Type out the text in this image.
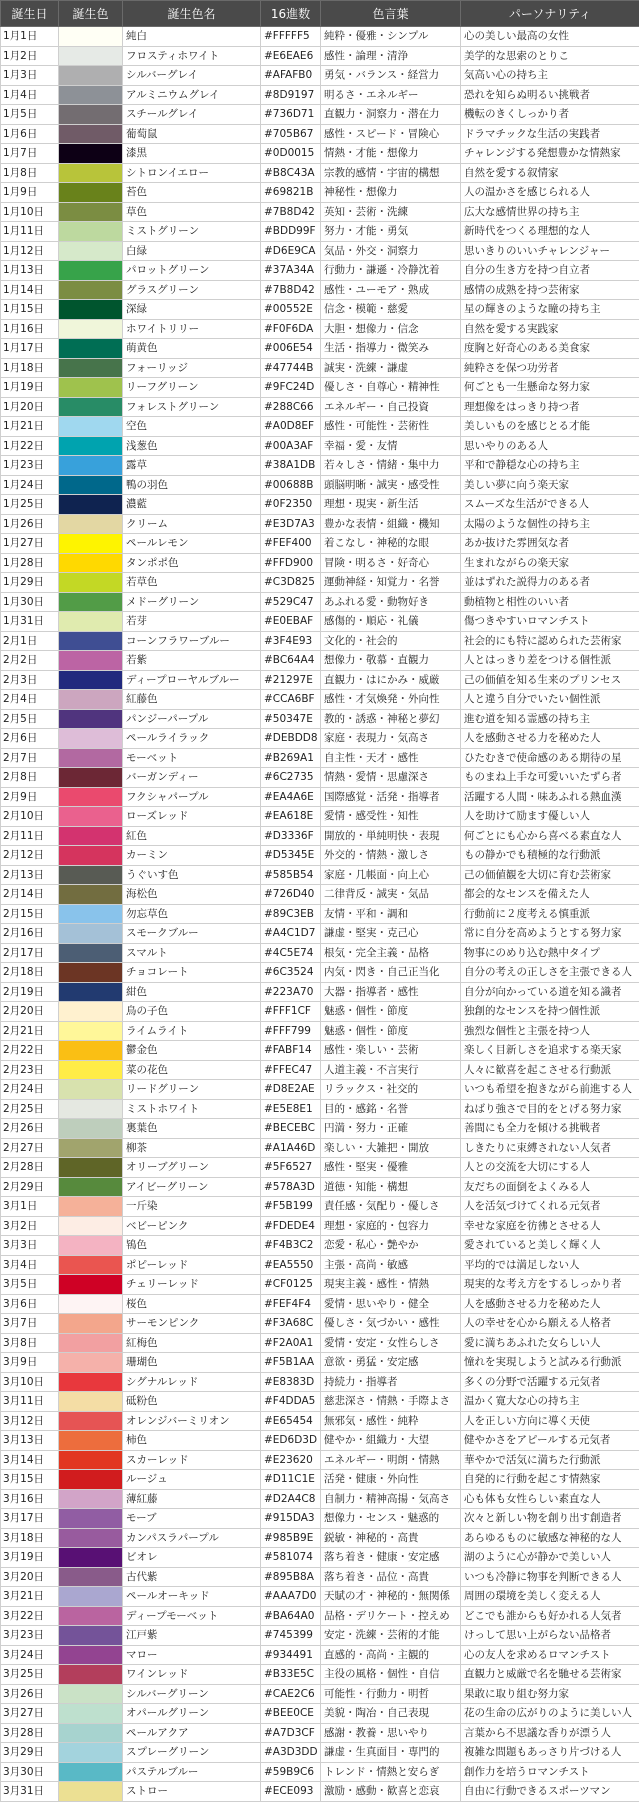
誕生日	誕生色	誕生色名	16進数	色言葉	パーソナリティ
1月1日		純白	#FFFFF5	純粋・優雅・シンプル	心の美しい最高の女性
1月2日		フロスティホワイト	#E6EAE6	感性・論理・清浄	美学的な思索のとりこ
1月3日		シルバーグレイ	#AFAFB0	勇気・バランス・経営力	気高い心の持ち主
1月4日		アルミニウムグレイ	#8D9197	明るさ・エネルギー	恐れを知らぬ明るい挑戦者
1月5日		スチールグレイ	#736D71	直観力・洞察力・潜在力	機転のきくしっかり者
1月6日		葡萄鼠	#705B67	感性・スピード・冒険心	ドラマチックな生活の実践者
1月7日		漆黒	#0D0015	情熱・才能・想像力	チャレンジする発想豊かな情熱家
1月8日		シトロンイエロー	#B8C43A	宗教的感情・宇宙的構想	自然を愛する叙情家
1月9日		苔色	#69821B	神秘性・想像力	人の温かさを感じられる人
1月10日		草色	#7B8D42	英知・芸術・洗練	広大な感情世界の持ち主
1月11日		ミストグリーン	#BDD99F	努力・才能・勇気	新時代をつくる理想的な人
1月12日		白緑	#D6E9CA	気品・外交・洞察力	思いきりのいいチャレンジャー
1月13日		パロットグリーン	#37A34A	行動力・謙遜・冷静沈着	自分の生き方を持つ自立者
1月14日		グラスグリーン	#7B8D42	感性・ユーモア・熟成	感情の成熟を持つ芸術家
1月15日		深緑	#00552E	信念・模範・慈愛	星の輝きのような瞳の持ち主
1月16日		ホワイトリリー	#F0F6DA	大胆・想像力・信念	自然を愛する実践家
1月17日		萌黄色	#006E54	生活・指導力・微笑み	度胸と好奇心のある美食家
1月18日		フォーリッジ	#47744B	誠実・洗練・謙虚	純粋さを保つ功労者
1月19日		リーフグリーン	#9FC24D	優しさ・自尊心・精神性	何ごとも一生懸命な努力家
1月20日		フォレストグリーン	#288C66	エネルギー・自己投資	理想像をはっきり持つ者
1月21日		空色	#A0D8EF	感性・可能性・芸術性	美しいものを感じとる才能
1月22日		浅葱色	#00A3AF	幸福・愛・友情	思いやりのある人
1月23日		露草	#38A1DB	若々しさ・情緒・集中力	平和で静穏な心の持ち主
1月24日		鴨の羽色	#00688B	頭脳明晰・誠実・感受性	美しい夢に向う楽天家
1月25日		濃藍	#0F2350	理想・現実・新生活	スムーズな生活ができる人
1月26日		クリーム	#E3D7A3	豊かな表情・組織・機知	太陽のような個性の持ち主
1月27日		ペールレモン	#FEF400	着こなし・神秘的な眼	あか抜けた雰囲気な者
1月28日		タンポポ色	#FFD900	冒険・明るさ・好奇心	生まれながらの楽天家
1月29日		若草色	#C3D825	運動神経・知覚力・名誉	並はずれた説得力のある者
1月30日		メドーグリーン	#529C47	あふれる愛・動物好き	動植物と相性のいい者
1月31日		若芽	#E0EBAF	感傷的・順応・礼儀	傷つきやすいロマンチスト
2月1日		コーンフラワーブルー	#3F4E93	文化的・社会的	社会的にも特に認められた芸術家
2月2日		若紫	#BC64A4	想像力・敬慕・直観力	人とはっきり差をつける個性派
2月3日		ディープローヤルブルー	#21297E	直観力・はにかみ・威厳	己の価値を知る生来のプリンセス
2月4日		紅藤色	#CCA6BF	感性・才気煥発・外向性	人と違う自分でいたい個性派
2月5日		パンジーパープル	#50347E	教的・誘惑・神秘と夢幻	進む道を知る霊感の持ち主
2月6日		ペールライラック	#DEBDD8	家庭・表現力・気高さ	人を感動させる力を秘めた人
2月7日		モーベット	#B269A1	自主性・天才・感性	ひたむきで使命感のある期待の星
2月8日		バーガンディー	#6C2735	情熱・愛情・思慮深さ	ものまね上手な可愛いいたずら者
2月9日		フクシャパープル	#EA4A6E	国際感覚・活発・指導者	活躍する人間・味あふれる熱血漢
2月10日		ローズレッド	#EA618E	愛情・感受性・知性	人を助けて励ます優しい人
2月11日		紅色	#D3336F	開放的・単純明快・表現	何ごとにも心から喜べる素直な人
2月12日		カーミン	#D5345E	外交的・情熱・激しさ	もの静かでも積極的な行動派
2月13日		うぐいす色	#585B54	家庭・几帳面・向上心	己の価値観を大切に育む芸術家
2月14日		海松色	#726D40	二律背反・誠実・気品	都会的なセンスを備えた人
2月15日		勿忘草色	#89C3EB	友情・平和・調和	行動前に２度考える慎重派
2月16日		スモークブルー	#A4C1D7	謙虚・堅実・克己心	常に自分を高めようとする努力家
2月17日		スマルト	#4C5E74	根気・完全主義・品格	物事にのめり込む熱中タイプ
2月18日		チョコレート	#6C3524	内気・閃き・自己正当化	自分の考えの正しさを主張できる人
2月19日		紺色	#223A70	大器・指導者・感性	自分が向かっている道を知る識者
2月20日		鳥の子色	#FFF1CF	魅惑・個性・節度	独創的なセンスを持つ個性派
2月21日		ライムライト	#FFF799	魅惑・個性・節度	強烈な個性と主張を持つ人
2月22日		鬱金色	#FABF14	感性・楽しい・芸術	楽しく目新しさを追求する楽天家
2月23日		菜の花色	#FFEC47	人道主義・不言実行	人々に歓喜を起こさせる行動派
2月24日		リードグリーン	#D8E2AE	リラックス・社交的	いつも希望を抱きながら前進する人
2月25日		ミストホワイト	#E5E8E1	目的・感銘・名誉	ねばり強さで目的をとげる努力家
2月26日		裏葉色	#BECEBC	円満・努力・正確	善間にも全力を傾ける挑戦者
2月27日		柳茶	#A1A46D	楽しい・大雑把・開放	しきたりに束縛されない人気者
2月28日		オリーブグリーン	#5F6527	感性・堅実・優雅	人との交流を大切にする人
2月29日		アイビーグリーン	#578A3D	道徳・知能・構想	友だちの面倒をよくみる人
3月1日		一斤染	#F5B199	責任感・気配り・優しさ	人を活気づけてくれる元気者
3月2日		ベビーピンク	#FDEDE4	理想・家庭的・包容力	幸せな家庭を彷彿とさせる人
3月3日		鴇色	#F4B3C2	恋愛・私心・艶やか	愛されていると美しく輝く人
3月4日		ポピーレッド	#EA5550	主張・高尚・敏感	平均的では満足しない人
3月5日		チェリーレッド	#CF0125	現実主義・感性・情熱	現実的な考え方をするしっかり者
3月6日		桜色	#FEF4F4	愛情・思いやり・健全	人を感動させる力を秘めた人
3月7日		サーモンピンク	#F3A68C	優しさ・気づかい・感性	人の幸せを心から願える人格者
3月8日		紅梅色	#F2A0A1	愛情・安定・女性らしさ	愛に満ちあふれた女らしい人
3月9日		珊瑚色	#F5B1AA	意欲・勇猛・安定感	憧れを実現しようと試みる行動派
3月10日		シグナルレッド	#E8383D	持続力・指導者	多くの分野で活躍する元気者
3月11日		砥粉色	#F4DDA5	慈悲深さ・情熱・手際よさ	温かく寛大な心の持ち主
3月12日		オレンジバーミリオン	#E65454	無邪気・感性・純粋	人を正しい方向に導く天使
3月13日		柿色	#ED6D3D	健やか・組織力・大望	健やかさをアピールする元気者
3月14日		スカーレッド	#E23620	エネルギー・明朗・情熱	華やかで活気に満ちた行動派
3月15日		ルージュ	#D11C1E	活発・健康・外向性	自発的に行動を起こす情熱家
3月16日		薄紅藤	#D2A4C8	自制力・精神高揚・気高さ	心も体も女性らしい素直な人
3月17日		モーブ	#915DA3	想像力・センス・魅惑的	次々と新しい物を創り出す創造者
3月18日		カンパスラパープル	#985B9E	鋭敏・神秘的・高貴	あらゆるものに敏感な神秘的な人
3月19日		ビオレ	#581074	落ち着き・健康・安定感	湖のように心が静かで美しい人
3月20日		古代紫	#895B8A	落ち着き・品位・高貴	いつも冷静に物事を判断できる人
3月21日		ペールオーキッド	#AAA7D0	天賦の才・神秘的・無関係	周囲の環境を美しく変える人
3月22日		ディープモーベット	#BA64A0	品格・デリケート・控えめ	どこでも誰からも好かれる人気者
3月23日		江戸紫	#745399	安定・洗練・芸術的才能	けっして思い上がらない品格者
3月24日		マロー	#934491	直感的・高尚・主観的	心の友人を求めるロマンチスト
3月25日		ワインレッド	#B33E5C	主役の風格・個性・自信	直観力と威厳で名を馳せる芸術家
3月26日		シルバーグリーン	#CAE2C6	可能性・行動力・明哲	果敢に取り組む努力家
3月27日		オパールグリーン	#BEE0CE	美貌・陶冶・自己表現	花の生命の広がりのように美しい人
3月28日		ペールアクア	#A7D3CF	感謝・教養・思いやり	言葉から不思議な香りが漂う人
3月29日		スプレーグリーン	#A3D3DD	謙虚・生真面目・専門的	複雑な問題もあっさり片づける人
3月30日		パステルブルー	#59B9C6	トレンド・情熱と安らぎ	創作力を培うロマンチスト
3月31日		ストロー	#ECE093	激励・感動・歓喜と恋哀	自由に行動できるスポーツマン
